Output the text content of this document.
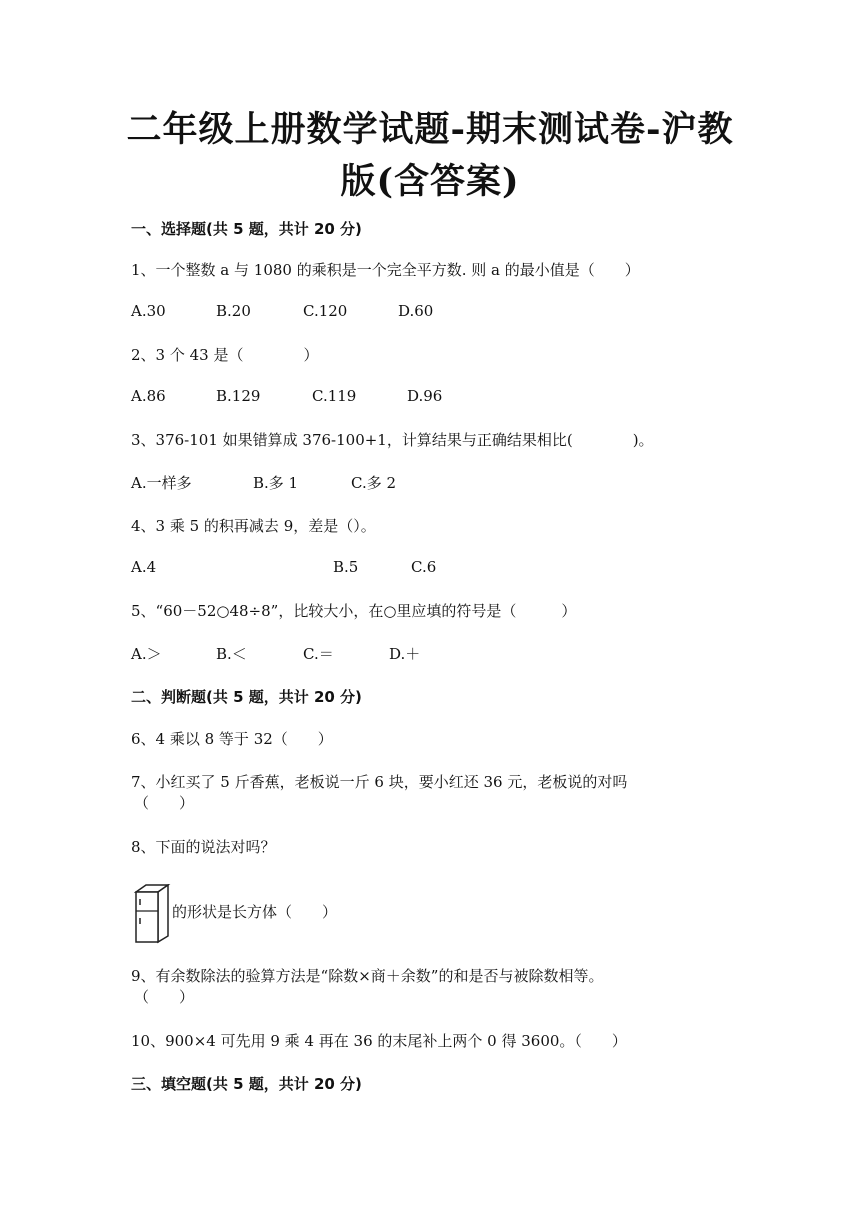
二年级上册数学试题-期末测试卷-沪教
版(含答案)
一、选择题(共 5 题，共计 20 分)
1、一个整数 a 与 1080 的乘积是一个完全平方数. 则 a 的最小值是（　　）
A.30	B.20	C.120	D.60
2、3 个 43 是（　　　　）
A.86	B.129	C.119	D.96
3、376-101 如果错算成 376-100+1，计算结果与正确结果相比(　　　　)。
A.一样多	B.多 1	C.多 2
4、3 乘 5 的积再减去 9，差是（）。
A.4	B.5	C.6
5、“60－52○48÷8”，比较大小，在○里应填的符号是（　　　）
A.＞	B.＜	C.＝	D.＋
二、判断题(共 5 题，共计 20 分)
6、4 乘以 8 等于 32（　　）
7、小红买了 5 斤香蕉，老板说一斤 6 块，要小红还 36 元，老板说的对吗
（　　）
8、下面的说法对吗？
的形状是长方体（　　）
9、有余数除法的验算方法是“除数×商＋余数”的和是否与被除数相等。
（　　）
10、900×4 可先用 9 乘 4 再在 36 的末尾补上两个 0 得 3600。（　　）
三、填空题(共 5 题，共计 20 分)
